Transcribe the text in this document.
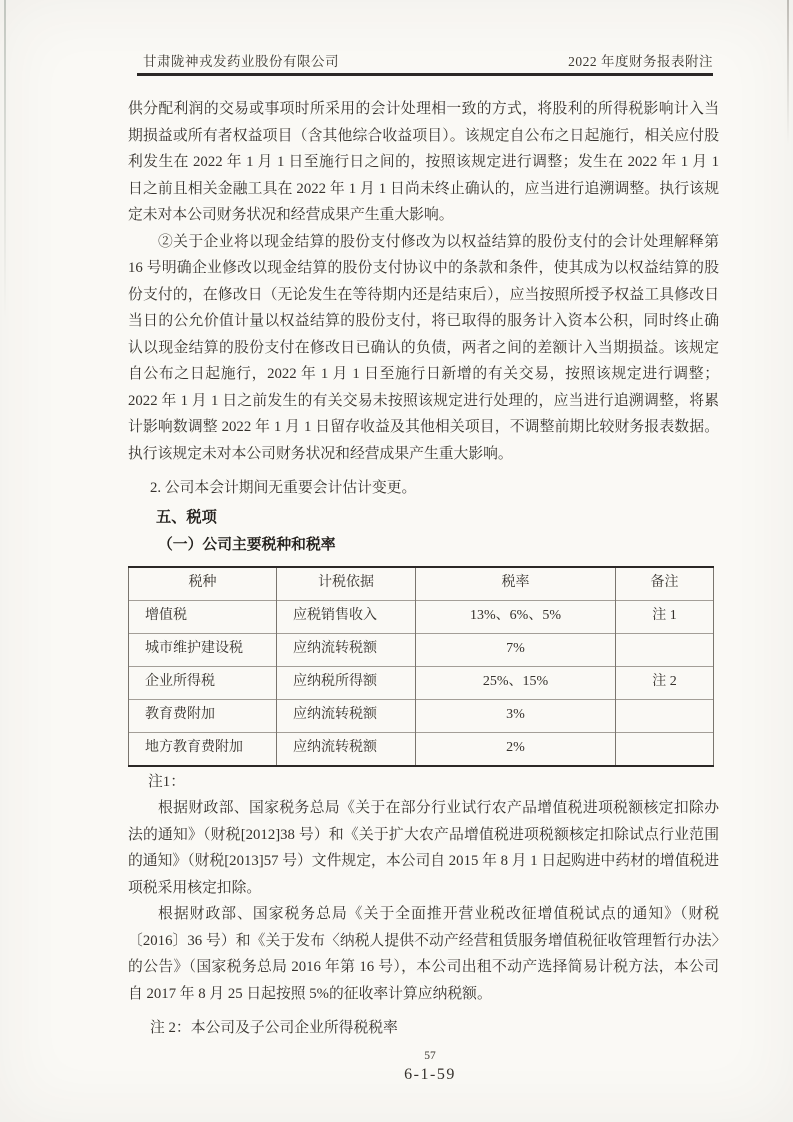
甘肃陇神戎发药业股份有限公司	2022 年度财务报表附注

供分配利润的交易或事项时所采用的会计处理相一致的方式，将股利的所得税影响计入当期损益或所有者权益项目（含其他综合收益项目）。该规定自公布之日起施行，相关应付股利发生在 2022 年 1 月 1 日至施行日之间的，按照该规定进行调整；发生在 2022 年 1 月 1 日之前且相关金融工具在 2022 年 1 月 1 日尚未终止确认的，应当进行追溯调整。执行该规定未对本公司财务状况和经营成果产生重大影响。

②关于企业将以现金结算的股份支付修改为以权益结算的股份支付的会计处理解释第 16 号明确企业修改以现金结算的股份支付协议中的条款和条件，使其成为以权益结算的股份支付的，在修改日（无论发生在等待期内还是结束后），应当按照所授予权益工具修改日当日的公允价值计量以权益结算的股份支付，将已取得的服务计入资本公积，同时终止确认以现金结算的股份支付在修改日已确认的负债，两者之间的差额计入当期损益。该规定自公布之日起施行，2022 年 1 月 1 日至施行日新增的有关交易，按照该规定进行调整； 2022 年 1 月 1 日之前发生的有关交易未按照该规定进行处理的，应当进行追溯调整，将累计影响数调整 2022 年 1 月 1 日留存收益及其他相关项目，不调整前期比较财务报表数据。执行该规定未对本公司财务状况和经营成果产生重大影响。

2. 公司本会计期间无重要会计估计变更。

五、税项
（一）公司主要税种和税率
税种	计税依据	税率	备注
增值税	应税销售收入	13%、6%、5%	注 1
城市维护建设税	应纳流转税额	7%	
企业所得税	应纳税所得额	25%、15%	注 2
教育费附加	应纳流转税额	3%	
地方教育费附加	应纳流转税额	2%	

注1：

根据财政部、国家税务总局《关于在部分行业试行农产品增值税进项税额核定扣除办法的通知》（财税[2012]38 号）和《关于扩大农产品增值税进项税额核定扣除试点行业范围的通知》（财税[2013]57 号）文件规定，本公司自 2015 年 8 月 1 日起购进中药材的增值税进项税采用核定扣除。

根据财政部、国家税务总局《关于全面推开营业税改征增值税试点的通知》（财税〔2016〕36 号）和《关于发布〈纳税人提供不动产经营租赁服务增值税征收管理暂行办法〉的公告》（国家税务总局 2016 年第 16 号），本公司出租不动产选择简易计税方法，本公司自 2017 年 8 月 25 日起按照 5%的征收率计算应纳税额。

注 2：本公司及子公司企业所得税税率

57
6-1-59
